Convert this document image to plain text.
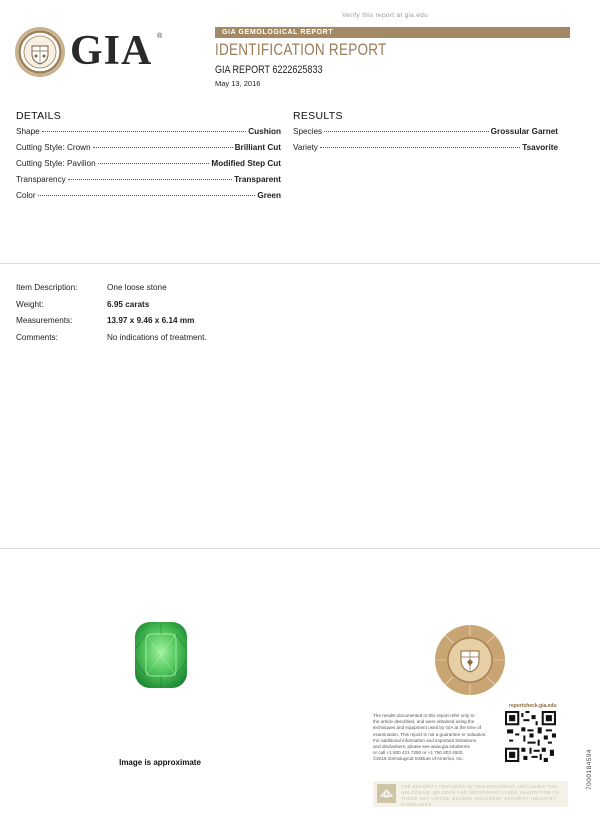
Verify this report at gia.edu
GIA ®
GIA GEMOLOGICAL REPORT
IDENTIFICATION REPORT
GIA REPORT 6222625833
May 13, 2016
DETAILS
Shape	Cushion
Cutting Style: Crown	Brilliant Cut
Cutting Style: Pavilion	Modified Step Cut
Transparency	Transparent
Color	Green
RESULTS
Species	Grossular Garnet
Variety	Tsavorite
Item Description:	One loose stone
Weight:	6.95 carats
Measurements:	13.97 x 9.46 x 6.14 mm
Comments:	No indications of treatment.
Image is approximate
The results documented in this report refer only to
the article described, and were obtained using the
techniques and equipment used by GIA at the time of
examination. This report is not a guarantee or valuation.
For additional information and important limitations
and disclaimers, please see www.gia.edu/terms
or call +1 800 421 7250 or +1 760 603 4500.
©2015 Gemological Institute of America, Inc.
reportcheck.gia.edu
7000184594
THE SECURITY FEATURES IN THIS DOCUMENT, INCLUDING THE HOLOGRAM, QR CODE AND MICROPRINT LINES, IN ADDITION TO THOSE NOT LISTED, EXCEED DOCUMENT SECURITY INDUSTRY GUIDELINES.
